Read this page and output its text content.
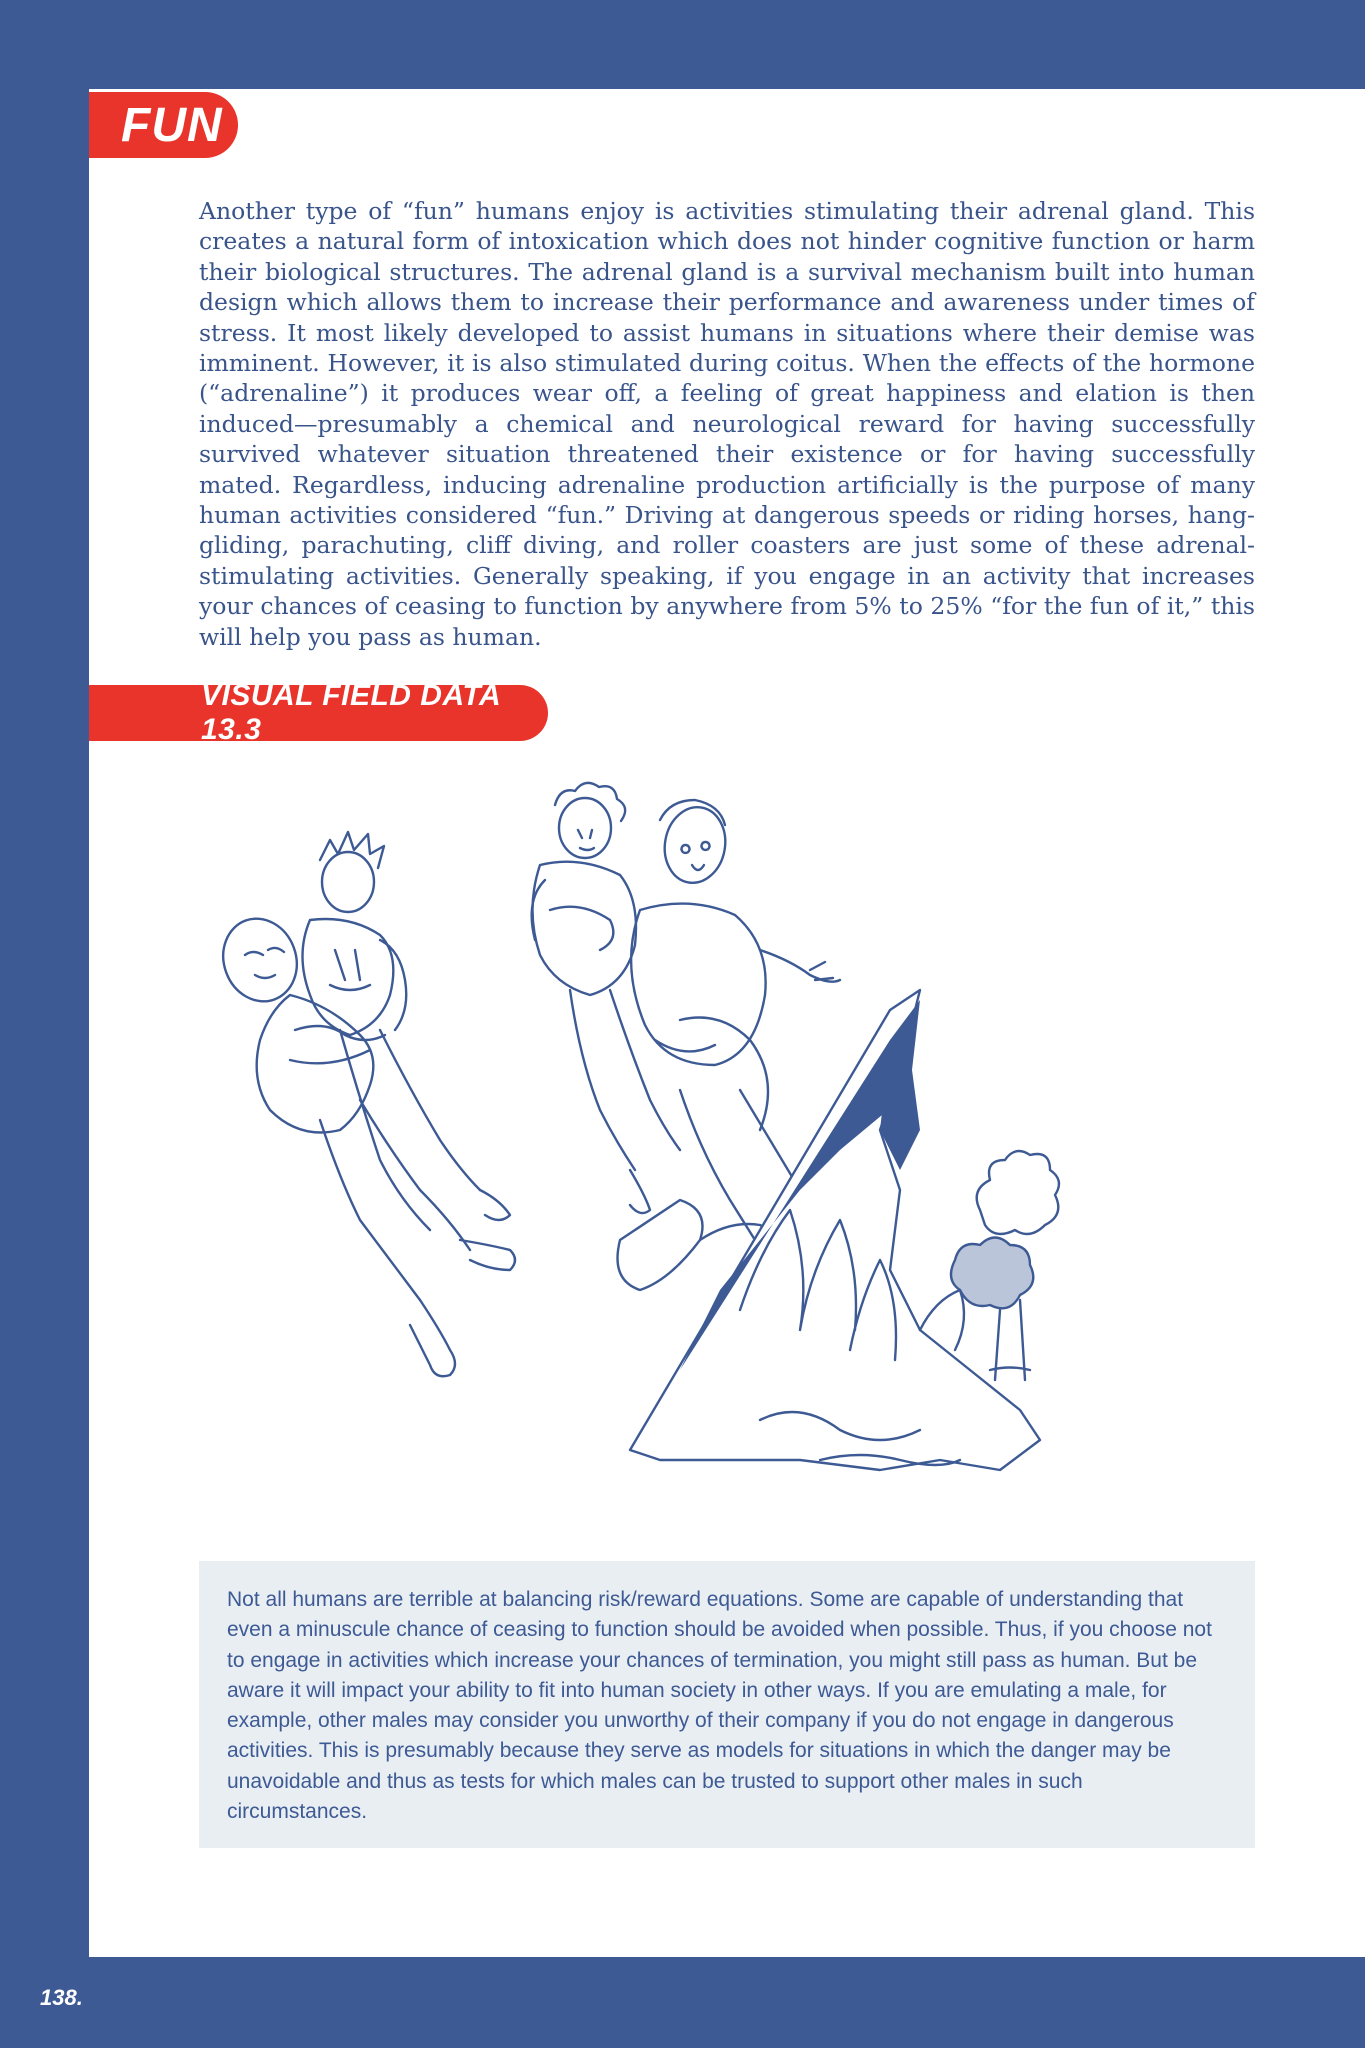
FUN

Another type of “fun” humans enjoy is activities stimulating their adrenal gland. This creates a natural form of intoxication which does not hinder cognitive function or harm their biological structures. The adrenal gland is a survival mechanism built into human design which allows them to increase their performance and awareness under times of stress. It most likely developed to assist humans in situations where their demise was imminent. However, it is also stimulated during coitus. When the effects of the hormone (“adrenaline”) it produces wear off, a feeling of great happiness and elation is then induced—presumably a chemical and neurological reward for having successfully survived whatever situation threatened their existence or for having successfully mated. Regardless, inducing adrenaline production artificially is the purpose of many human activities considered “fun.” Driving at dangerous speeds or riding horses, hang-gliding, parachuting, cliff diving, and roller coasters are just some of these adrenal-stimulating activities. Generally speaking, if you engage in an activity that increases your chances of ceasing to function by anywhere from 5% to 25% “for the fun of it,” this will help you pass as human.

VISUAL FIELD DATA 13.3

Not all humans are terrible at balancing risk/reward equations. Some are capable of understanding that even a minuscule chance of ceasing to function should be avoided when possible. Thus, if you choose not to engage in activities which increase your chances of termination, you might still pass as human. But be aware it will impact your ability to fit into human society in other ways. If you are emulating a male, for example, other males may consider you unworthy of their company if you do not engage in dangerous activities. This is presumably because they serve as models for situations in which the danger may be unavoidable and thus as tests for which males can be trusted to support other males in such circumstances.

138.
